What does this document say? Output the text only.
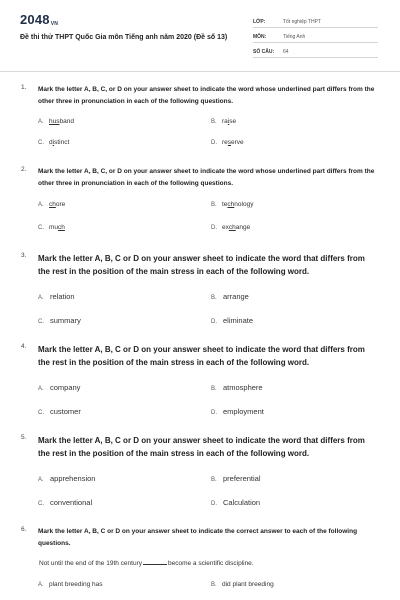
$2048_{VN}$
Đề thi thử THPT Quốc Gia môn Tiếng anh năm 2020 (Đề số 13)
LỚP:	Tốt nghiệp THPT
MÔN:	Tiếng Anh
SỐ CÂU:	64
1. Mark the letter A, B, C, or D on your answer sheet to indicate the word whose underlined part differs from the other three in pronunciation in each of the following questions.
A. husband	B. raise
C. distinct	D. reserve
2. Mark the letter A, B, C, or D on your answer sheet to indicate the word whose underlined part differs from the other three in pronunciation in each of the following questions.
A. chore	B. technology
C. much	D. exchange
3. Mark the letter A, B, C or D on your answer sheet to indicate the word that differs from the rest in the position of the main stress in each of the following word.
A. relation	B. arrange
C. summary	D. eliminate
4. Mark the letter A, B, C or D on your answer sheet to indicate the word that differs from the rest in the position of the main stress in each of the following word.
A. company	B. atmosphere
C. customer	D. employment
5. Mark the letter A, B, C or D on your answer sheet to indicate the word that differs from the rest in the position of the main stress in each of the following word.
A. apprehension	B. preferential
C. conventional	D. Calculation
6. Mark the letter A, B, C or D on your answer sheet to indicate the correct answer to each of the following questions.
Not until the end of the 19th century	become a scientific discipline.
A. plant breeding has	B. did plant breeding
